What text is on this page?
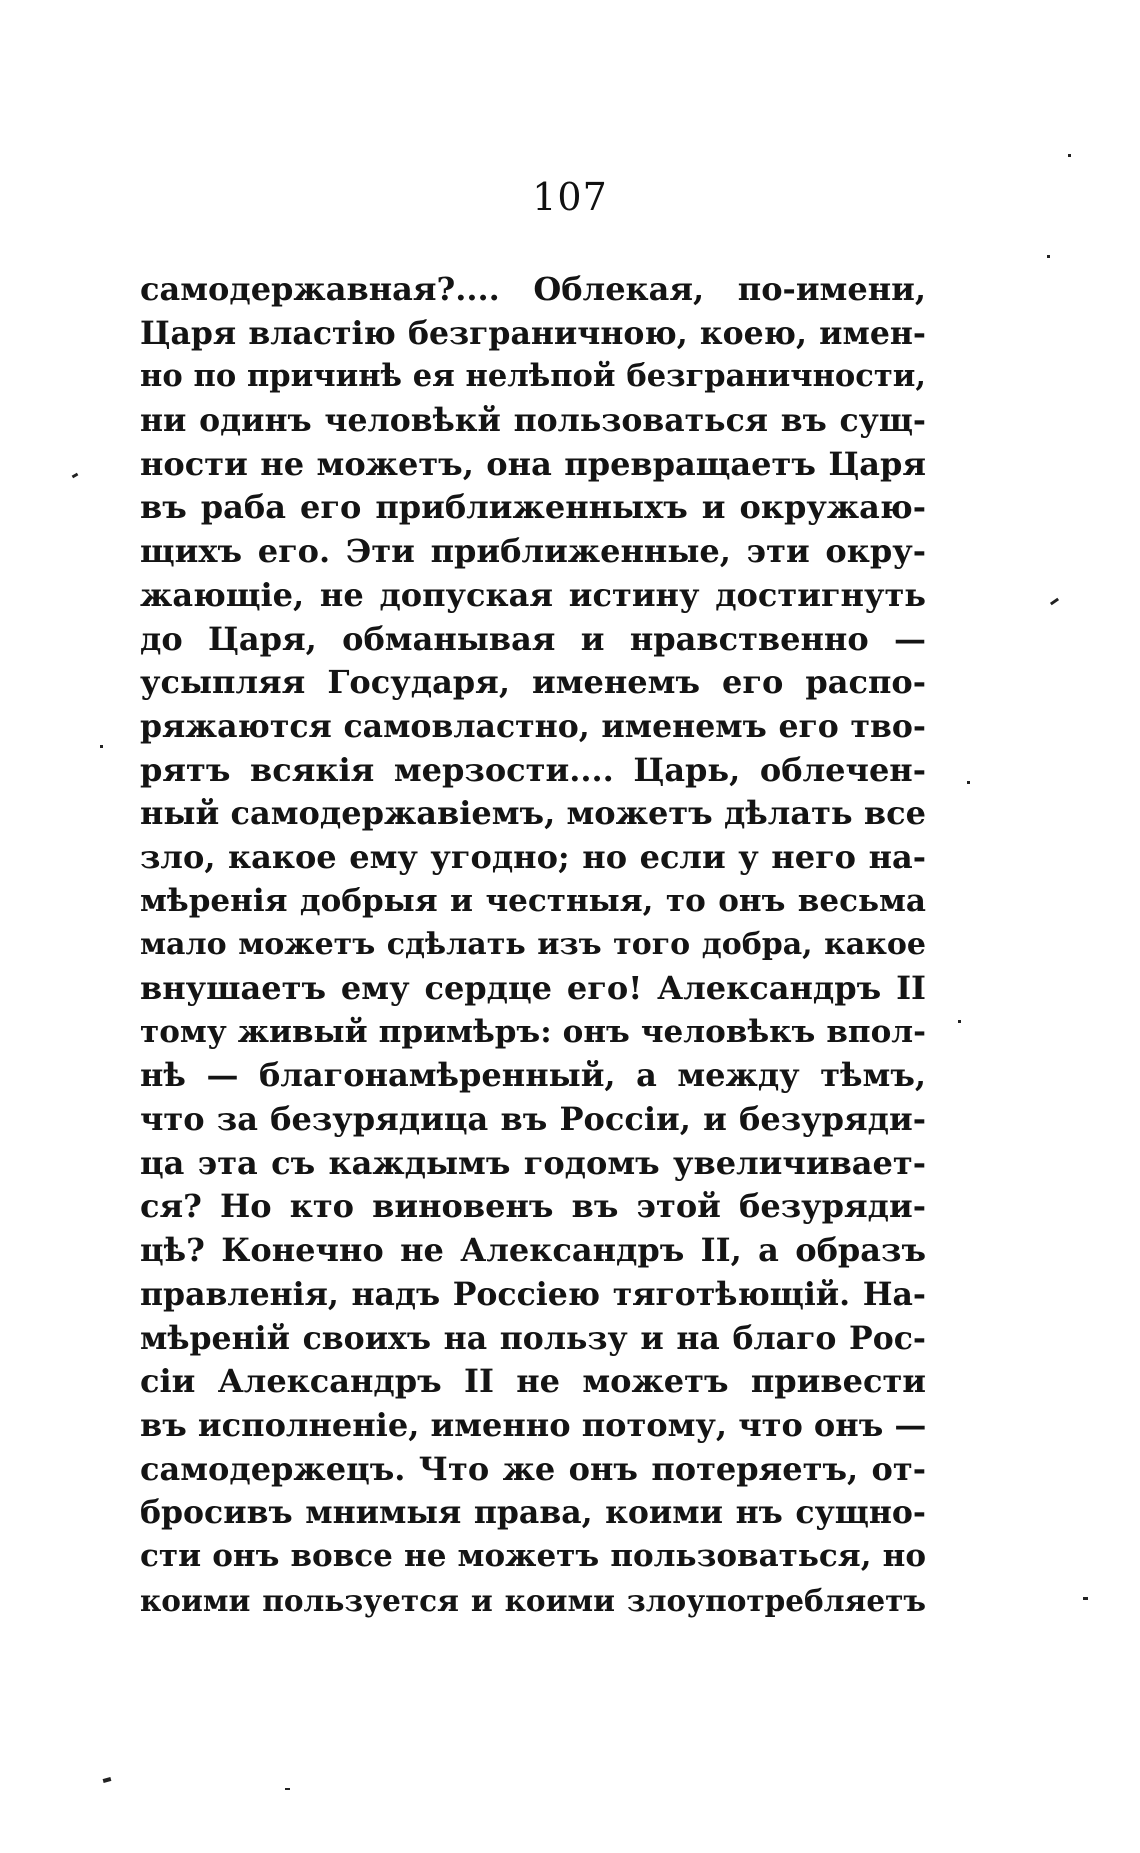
107
самодержавная?.... Облекая, по-имени,
Царя властію безграничною, коею, имен-
но по причинѣ ея нелѣпой безграничности,
ни одинъ человѣкй пользоваться въ сущ-
ности не можетъ, она превращаетъ Царя
въ раба его приближенныхъ и окружаю-
щихъ его. Эти приближенные, эти окру-
жающіе, не допуская истину достигнуть
до Царя, обманывая и нравственно —
усыпляя Государя, именемъ его распо-
ряжаются самовластно, именемъ его тво-
рятъ всякія мерзости.... Царь, облечен-
ный самодержавіемъ, можетъ дѣлать все
зло, какое ему угодно; но если у него на-
мѣренія добрыя и честныя, то онъ весьма
мало можетъ сдѣлать изъ того добра, какое
внушаетъ ему сердце его! Александръ II
тому живый примѣръ: онъ человѣкъ впол-
нѣ — благонамѣренный, а между тѣмъ,
что за безурядица въ Россіи, и безуряди-
ца эта съ каждымъ годомъ увеличивает-
ся? Но кто виновенъ въ этой безуряди-
цѣ? Конечно не Александръ II, а образъ
правленія, надъ Россіею тяготѣющій. На-
мѣреній своихъ на пользу и на благо Рос-
сіи Александръ II не можетъ привести
въ исполненіе, именно потому, что онъ —
самодержецъ. Что же онъ потеряетъ, от-
бросивъ мнимыя права, коими нъ сущно-
сти онъ вовсе не можетъ пользоваться, но
коими пользуется и коими злоупотребляетъ
